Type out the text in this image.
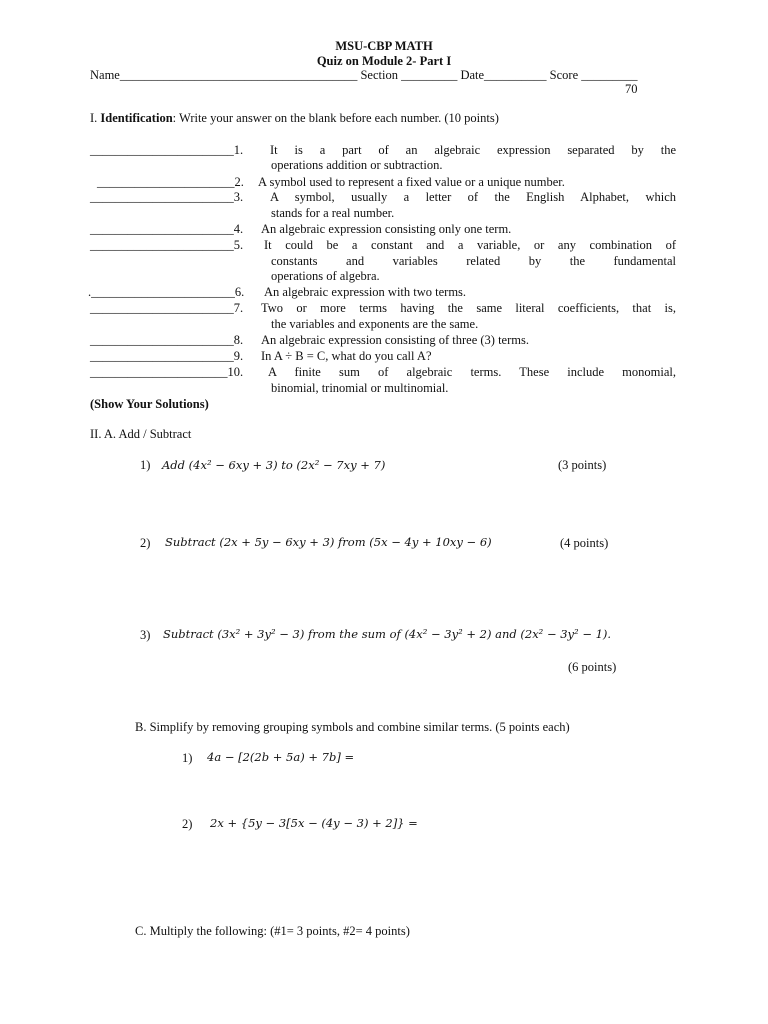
MSU-CBP MATH
Quiz on Module 2- Part I
Name______________________________________ Section _________ Date__________ Score _________
70
I. Identification: Write your answer on the blank before each number. (10 points)
_______________________1. It is a part of an algebraic expression separated by the
operations addition or subtraction.
______________________2. A symbol used to represent a fixed value or a unique number.
_______________________3. A symbol, usually a letter of the English Alphabet, which
stands for a real number.
_______________________4. An algebraic expression consisting only one term.
_______________________5. It could be a constant and a variable, or any combination of
constants and variables related by the fundamental
operations of algebra.
._______________________6. An algebraic expression with two terms.
_______________________7. Two or more terms having the same literal coefficients, that is,
the variables and exponents are the same.
_______________________8. An algebraic expression consisting of three (3) terms.
_______________________9. In A ÷ B = C, what do you call A?
______________________10. A finite sum of algebraic terms. These include monomial,
binomial, trinomial or multinomial.
(Show Your Solutions)
II. A. Add / Subtract
1) Add (4x² − 6xy + 3) to (2x² − 7xy + 7)	(3 points)
2) Subtract (2x + 5y − 6xy + 3) from (5x − 4y + 10xy − 6)	(4 points)
3) Subtract (3x² + 3y² − 3) from the sum of (4x² − 3y² + 2) and (2x² − 3y² − 1).
(6 points)
B. Simplify by removing grouping symbols and combine similar terms. (5 points each)
1) 4a − [2(2b + 5a) + 7b] =
2) 2x + {5y − 3[5x − (4y − 3) + 2]} =
C. Multiply the following: (#1= 3 points, #2= 4 points)
